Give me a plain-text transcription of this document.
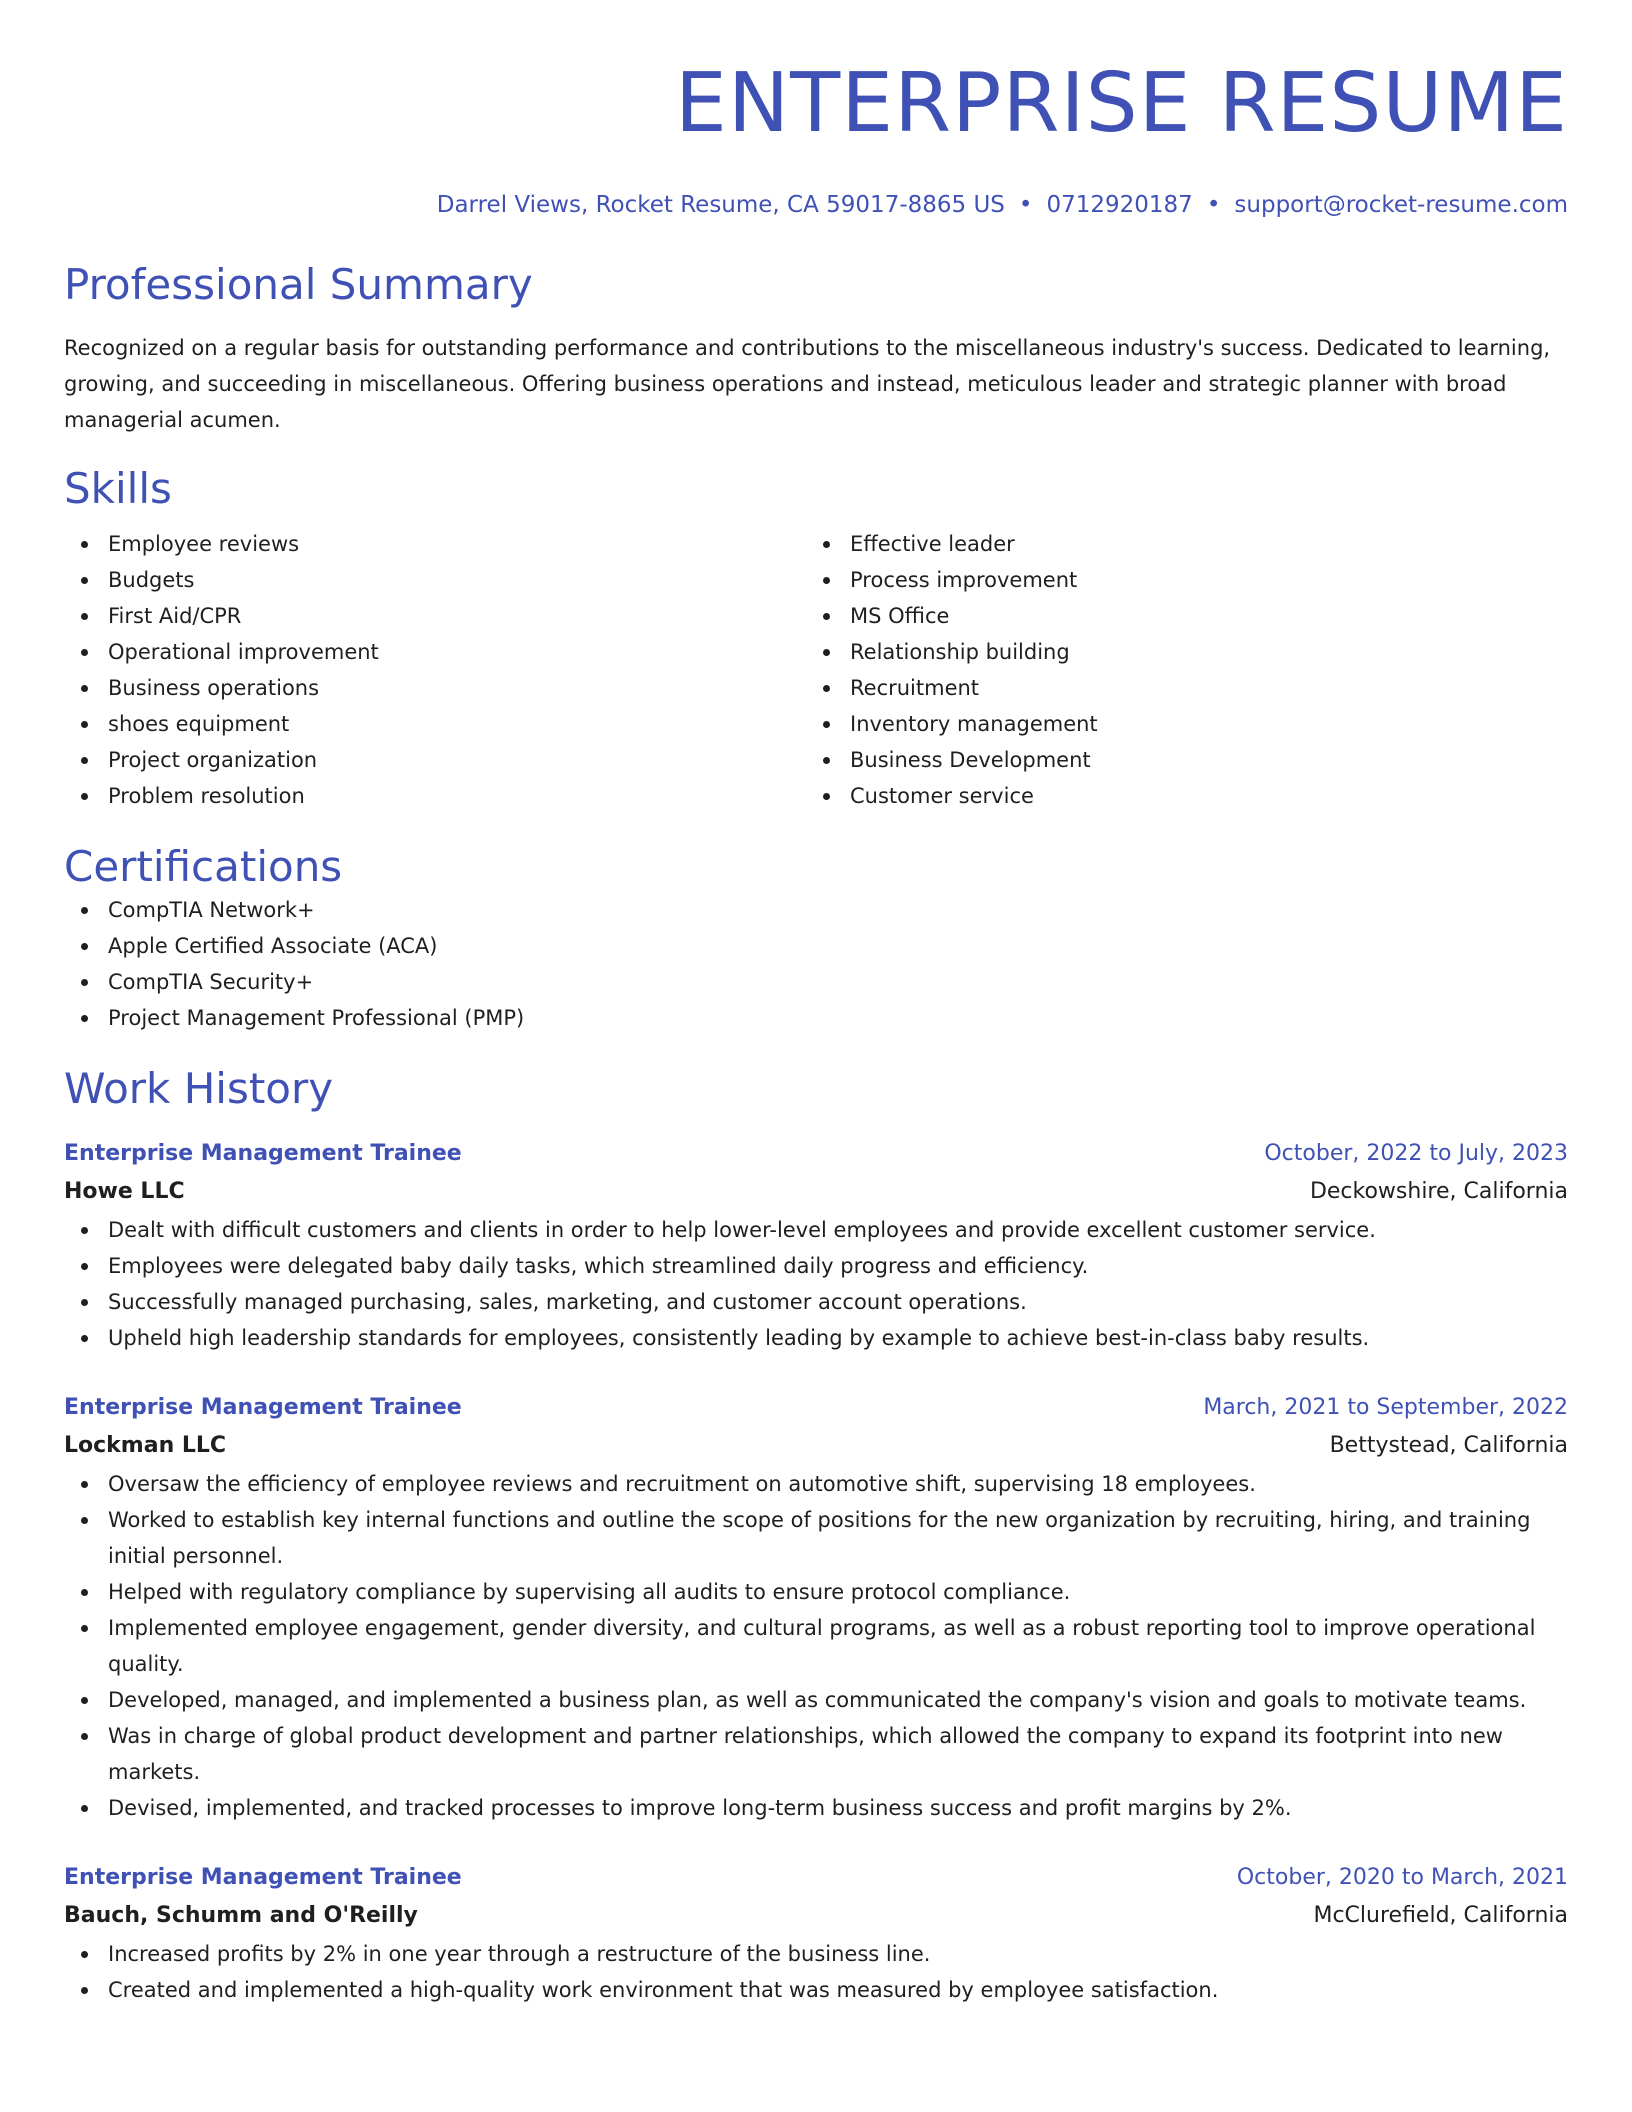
ENTERPRISE RESUME
Darrel Views, Rocket Resume, CA 59017-8865 US • 0712920187 • support@rocket-resume.com
Professional Summary

Recognized on a regular basis for outstanding performance and contributions to the miscellaneous industry's success. Dedicated to learning, growing, and succeeding in miscellaneous. Offering business operations and instead, meticulous leader and strategic planner with broad managerial acumen.

Skills
Employee reviews
Budgets
First Aid/CPR
Operational improvement
Business operations
shoes equipment
Project organization
Problem resolution
Effective leader
Process improvement
MS Office
Relationship building
Recruitment
Inventory management
Business Development
Customer service
Certifications
CompTIA Network+
Apple Certified Associate (ACA)
CompTIA Security+
Project Management Professional (PMP)
Work History
Enterprise Management Trainee	October, 2022 to July, 2023
Howe LLC	Deckowshire, California
Dealt with difficult customers and clients in order to help lower-level employees and provide excellent customer service.
Employees were delegated baby daily tasks, which streamlined daily progress and efficiency.
Successfully managed purchasing, sales, marketing, and customer account operations.
Upheld high leadership standards for employees, consistently leading by example to achieve best-in-class baby results.
Enterprise Management Trainee	March, 2021 to September, 2022
Lockman LLC	Bettystead, California
Oversaw the efficiency of employee reviews and recruitment on automotive shift, supervising 18 employees.
Worked to establish key internal functions and outline the scope of positions for the new organization by recruiting, hiring, and training initial personnel.
Helped with regulatory compliance by supervising all audits to ensure protocol compliance.
Implemented employee engagement, gender diversity, and cultural programs, as well as a robust reporting tool to improve operational quality.
Developed, managed, and implemented a business plan, as well as communicated the company's vision and goals to motivate teams.
Was in charge of global product development and partner relationships, which allowed the company to expand its footprint into new markets.
Devised, implemented, and tracked processes to improve long-term business success and profit margins by 2%.
Enterprise Management Trainee	October, 2020 to March, 2021
Bauch, Schumm and O'Reilly	McClurefield, California
Increased profits by 2% in one year through a restructure of the business line.
Created and implemented a high-quality work environment that was measured by employee satisfaction.
